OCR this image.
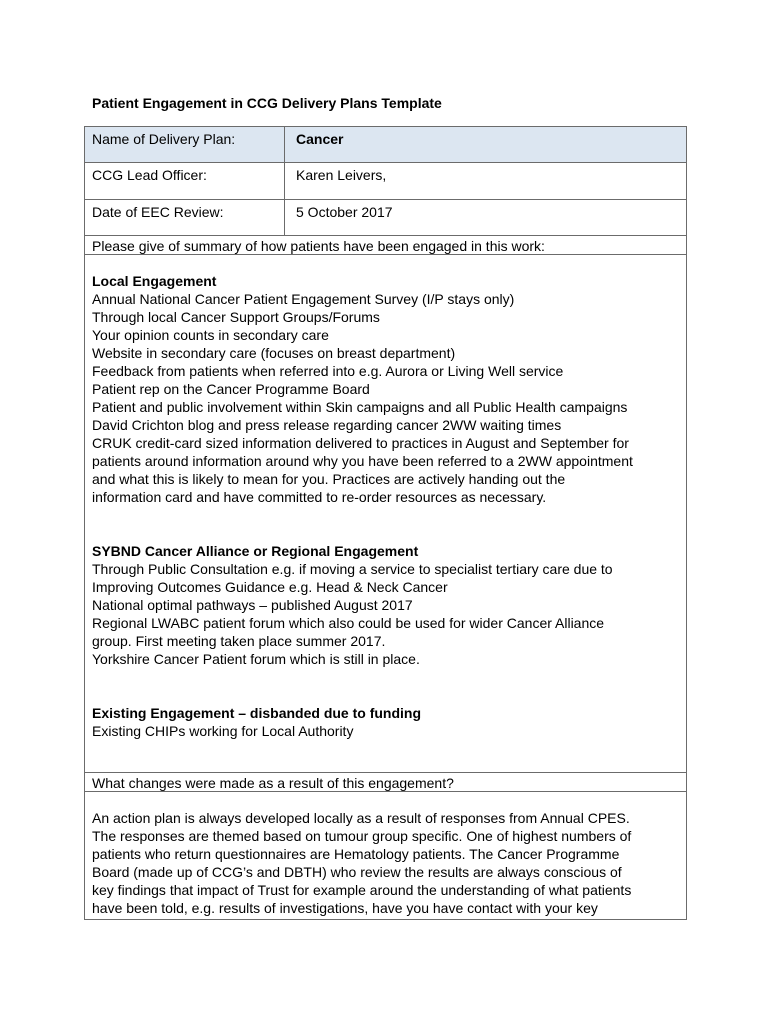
Patient Engagement in CCG Delivery Plans Template
Name of Delivery Plan:	Cancer
CCG Lead Officer:	Karen Leivers,
Date of EEC Review:	5 October 2017
Please give of summary of how patients have been engaged in this work:
Local Engagement
Annual National Cancer Patient Engagement Survey (I/P stays only)
Through local Cancer Support Groups/Forums
Your opinion counts in secondary care
Website in secondary care (focuses on breast department)
Feedback from patients when referred into e.g. Aurora or Living Well service
Patient rep on the Cancer Programme Board
Patient and public involvement within Skin campaigns and all Public Health campaigns
David Crichton blog and press release regarding cancer 2WW waiting times
CRUK credit-card sized information delivered to practices in August and September for
patients around information around why you have been referred to a 2WW appointment
and what this is likely to mean for you. Practices are actively handing out the
information card and have committed to re-order resources as necessary.
SYBND Cancer Alliance or Regional Engagement
Through Public Consultation e.g. if moving a service to specialist tertiary care due to
Improving Outcomes Guidance e.g. Head & Neck Cancer
National optimal pathways – published August 2017
Regional LWABC patient forum which also could be used for wider Cancer Alliance
group. First meeting taken place summer 2017.
Yorkshire Cancer Patient forum which is still in place.
Existing Engagement – disbanded due to funding
Existing CHIPs working for Local Authority
What changes were made as a result of this engagement?
An action plan is always developed locally as a result of responses from Annual CPES.
The responses are themed based on tumour group specific. One of highest numbers of
patients who return questionnaires are Hematology patients. The Cancer Programme
Board (made up of CCG’s and DBTH) who review the results are always conscious of
key findings that impact of Trust for example around the understanding of what patients
have been told, e.g. results of investigations, have you have contact with your key
